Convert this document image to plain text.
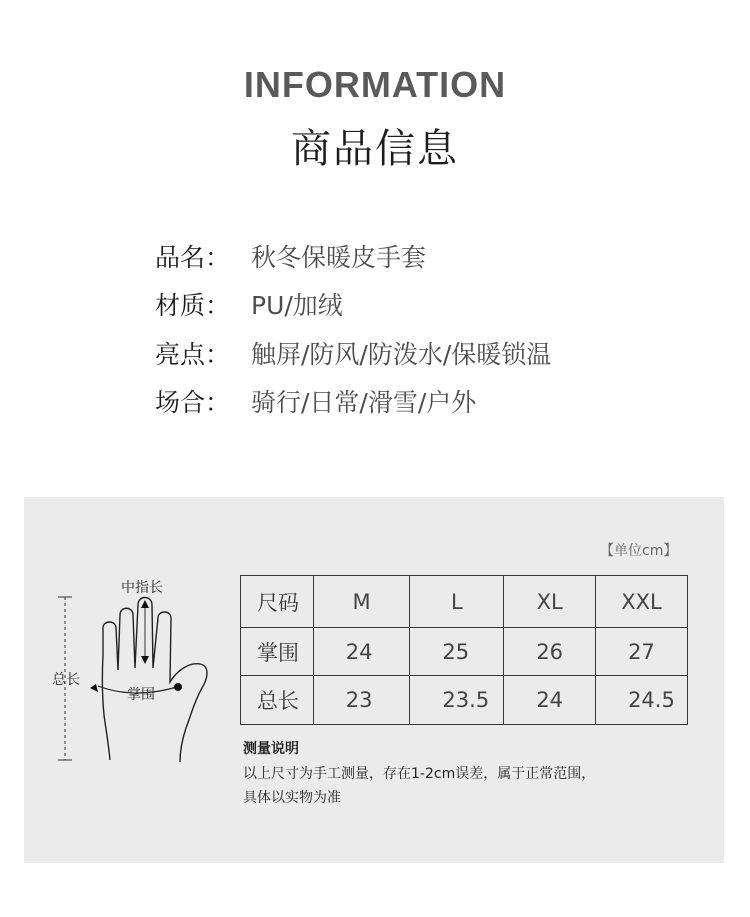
INFORMATION
商品信息
品名： 秋冬保暖皮手套
材质： PU/加绒
亮点： 触屏/防风/防泼水/保暖锁温
场合： 骑行/日常/滑雪/户外
【单位cm】
中指长
总长
掌围
尺码	M	L	XL	XXL
掌围	24	25	26	27
总长	23	23.5	24	24.5
测量说明
以上尺寸为手工测量，存在1-2cm误差，属于正常范围，
具体以实物为准
